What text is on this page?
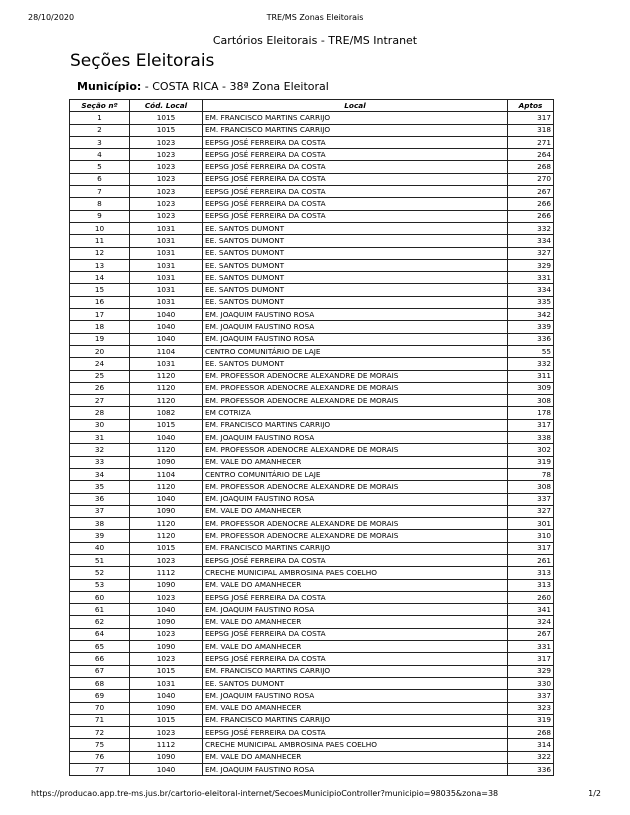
28/10/2020	TRE/MS Zonas Eleitorais
Cartórios Eleitorais - TRE/MS Intranet
Seções Eleitorais
Município: - COSTA RICA - 38ª Zona Eleitoral
Seção nº	Cód. Local	Local	Aptos
1	1015	EM. FRANCISCO MARTINS CARRIJO	317
2	1015	EM. FRANCISCO MARTINS CARRIJO	318
3	1023	EEPSG JOSÉ FERREIRA DA COSTA	271
4	1023	EEPSG JOSÉ FERREIRA DA COSTA	264
5	1023	EEPSG JOSÉ FERREIRA DA COSTA	268
6	1023	EEPSG JOSÉ FERREIRA DA COSTA	270
7	1023	EEPSG JOSÉ FERREIRA DA COSTA	267
8	1023	EEPSG JOSÉ FERREIRA DA COSTA	266
9	1023	EEPSG JOSÉ FERREIRA DA COSTA	266
10	1031	EE. SANTOS DUMONT	332
11	1031	EE. SANTOS DUMONT	334
12	1031	EE. SANTOS DUMONT	327
13	1031	EE. SANTOS DUMONT	329
14	1031	EE. SANTOS DUMONT	331
15	1031	EE. SANTOS DUMONT	334
16	1031	EE. SANTOS DUMONT	335
17	1040	EM. JOAQUIM FAUSTINO ROSA	342
18	1040	EM. JOAQUIM FAUSTINO ROSA	339
19	1040	EM. JOAQUIM FAUSTINO ROSA	336
20	1104	CENTRO COMUNITÁRIO DE LAJE	55
24	1031	EE. SANTOS DUMONT	332
25	1120	EM. PROFESSOR ADENOCRE ALEXANDRE DE MORAIS	311
26	1120	EM. PROFESSOR ADENOCRE ALEXANDRE DE MORAIS	309
27	1120	EM. PROFESSOR ADENOCRE ALEXANDRE DE MORAIS	308
28	1082	EM COTRIZA	178
30	1015	EM. FRANCISCO MARTINS CARRIJO	317
31	1040	EM. JOAQUIM FAUSTINO ROSA	338
32	1120	EM. PROFESSOR ADENOCRE ALEXANDRE DE MORAIS	302
33	1090	EM. VALE DO AMANHECER	319
34	1104	CENTRO COMUNITÁRIO DE LAJE	78
35	1120	EM. PROFESSOR ADENOCRE ALEXANDRE DE MORAIS	308
36	1040	EM. JOAQUIM FAUSTINO ROSA	337
37	1090	EM. VALE DO AMANHECER	327
38	1120	EM. PROFESSOR ADENOCRE ALEXANDRE DE MORAIS	301
39	1120	EM. PROFESSOR ADENOCRE ALEXANDRE DE MORAIS	310
40	1015	EM. FRANCISCO MARTINS CARRIJO	317
51	1023	EEPSG JOSÉ FERREIRA DA COSTA	261
52	1112	CRECHE MUNICIPAL AMBROSINA PAES COELHO	313
53	1090	EM. VALE DO AMANHECER	313
60	1023	EEPSG JOSÉ FERREIRA DA COSTA	260
61	1040	EM. JOAQUIM FAUSTINO ROSA	341
62	1090	EM. VALE DO AMANHECER	324
64	1023	EEPSG JOSÉ FERREIRA DA COSTA	267
65	1090	EM. VALE DO AMANHECER	331
66	1023	EEPSG JOSÉ FERREIRA DA COSTA	317
67	1015	EM. FRANCISCO MARTINS CARRIJO	329
68	1031	EE. SANTOS DUMONT	330
69	1040	EM. JOAQUIM FAUSTINO ROSA	337
70	1090	EM. VALE DO AMANHECER	323
71	1015	EM. FRANCISCO MARTINS CARRIJO	319
72	1023	EEPSG JOSÉ FERREIRA DA COSTA	268
75	1112	CRECHE MUNICIPAL AMBROSINA PAES COELHO	314
76	1090	EM. VALE DO AMANHECER	322
77	1040	EM. JOAQUIM FAUSTINO ROSA	336
https://producao.app.tre-ms.jus.br/cartorio-eleitoral-internet/SecoesMunicipioController?municipio=98035&zona=38	1/2
